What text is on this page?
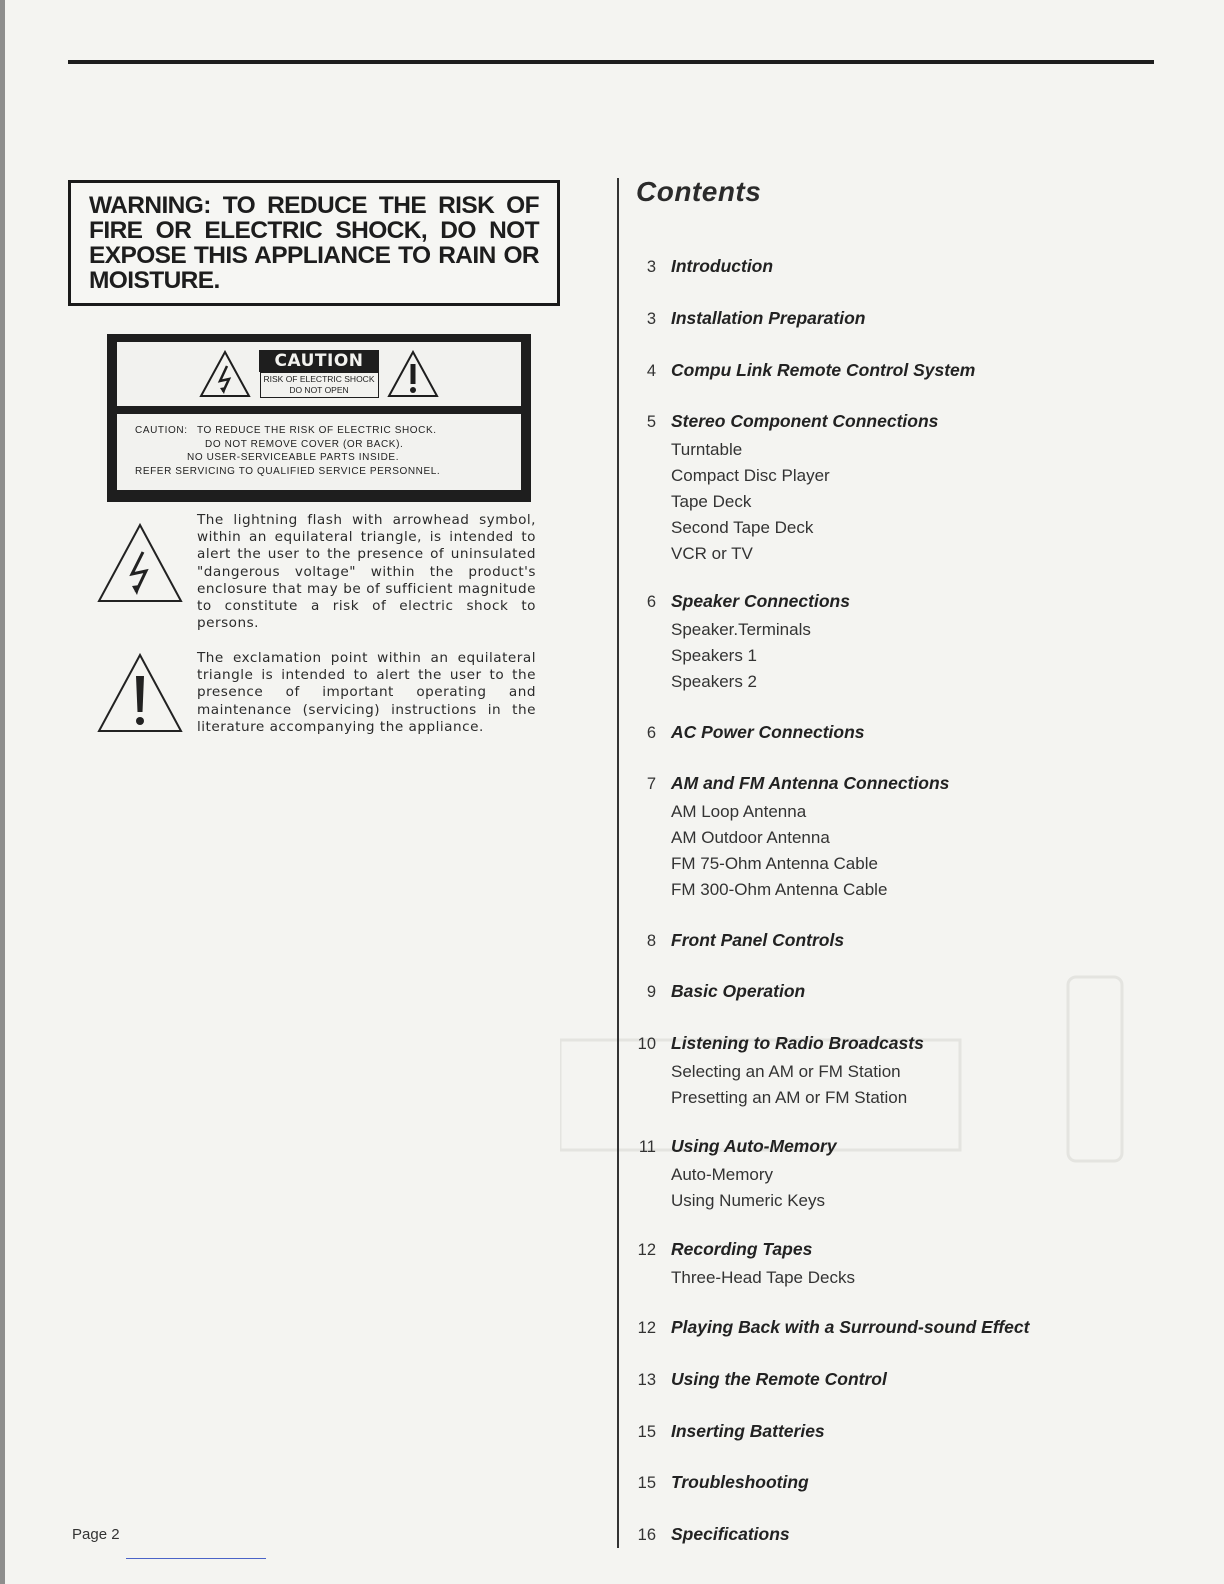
WARNING: TO REDUCE THE RISK OF FIRE OR ELECTRIC SHOCK, DO NOT EXPOSE THIS APPLIANCE TO RAIN OR MOISTURE.

CAUTION
RISK OF ELECTRIC SHOCK
DO NOT OPEN
CAUTION: TO REDUCE THE RISK OF ELECTRIC SHOCK.
DO NOT REMOVE COVER (OR BACK).
NO USER-SERVICEABLE PARTS INSIDE.
REFER SERVICING TO QUALIFIED SERVICE PERSONNEL.

The lightning flash with arrowhead symbol, within an equilateral triangle, is intended to alert the user to the presence of uninsulated "dangerous voltage" within the product's enclosure that may be of sufficient magnitude to constitute a risk of electric shock to persons.

The exclamation point within an equilateral triangle is intended to alert the user to the presence of important operating and maintenance (servicing) instructions in the literature accompanying the appliance.

Page 2
Contents
3 Introduction
3 Installation Preparation
4 Compu Link Remote Control System
5 Stereo Component Connections
Turntable
Compact Disc Player
Tape Deck
Second Tape Deck
VCR or TV
6 Speaker Connections
Speaker.Terminals
Speakers 1
Speakers 2
6 AC Power Connections
7 AM and FM Antenna Connections
AM Loop Antenna
AM Outdoor Antenna
FM 75-Ohm Antenna Cable
FM 300-Ohm Antenna Cable
8 Front Panel Controls
9 Basic Operation
10 Listening to Radio Broadcasts
Selecting an AM or FM Station
Presetting an AM or FM Station
11 Using Auto-Memory
Auto-Memory
Using Numeric Keys
12 Recording Tapes
Three-Head Tape Decks
12 Playing Back with a Surround-sound Effect
13 Using the Remote Control
15 Inserting Batteries
15 Troubleshooting
16 Specifications
